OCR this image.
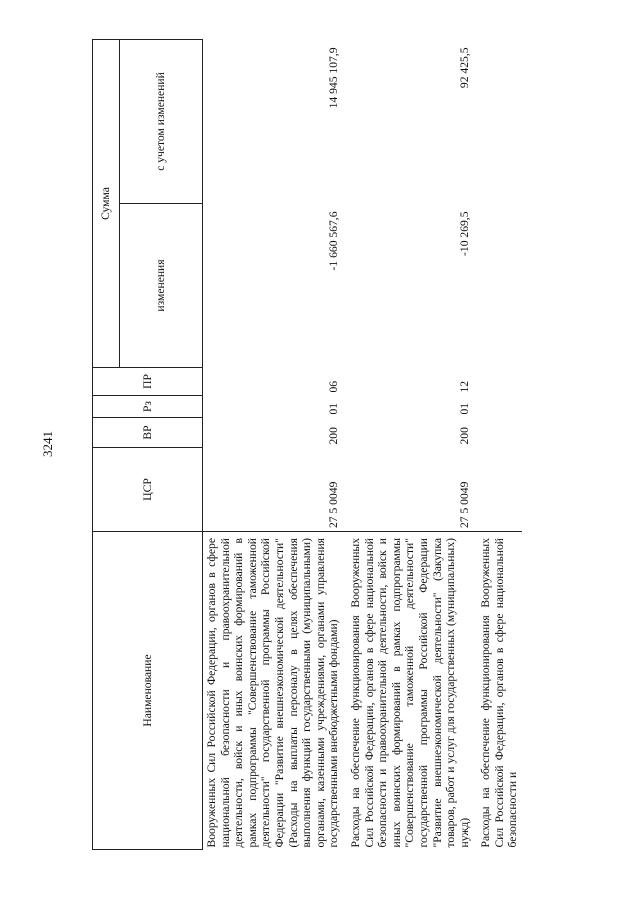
3241
Наименование	ЦСР	ВР	Рз	ПР	Сумма	
					изменения	с учетом изменений
Вооруженных Сил Российской Федерации, органов в сфере национальной безопасности и правоохранительной деятельности, войск и иных воинских формирований в рамках подпрограммы "Совершенствование таможенной деятельности" государственной программы Российской Федерации "Развитие внешнеэкономической деятельности" (Расходы на выплаты персоналу в целях обеспечения выполнения функций государственными (муниципальными) органами, казенными учреждениями, органами управления государственными внебюджетными фондами)	27 5 0049	200	01	06	-1 660 567,6	14 945 107,9
Расходы на обеспечение функционирования Вооруженных Сил Российской Федерации, органов в сфере национальной безопасности и правоохранительной деятельности, войск и иных воинских формирований в рамках подпрограммы "Совершенствование таможенной деятельности" государственной программы Российской Федерации "Развитие внешнеэкономической деятельности" (Закупка товаров, работ и услуг для государственных (муниципальных) нужд)	27 5 0049	200	01	12	-10 269,5	92 425,5
Расходы на обеспечение функционирования Вооруженных Сил Российской Федерации, органов в сфере национальной безопасности и						
